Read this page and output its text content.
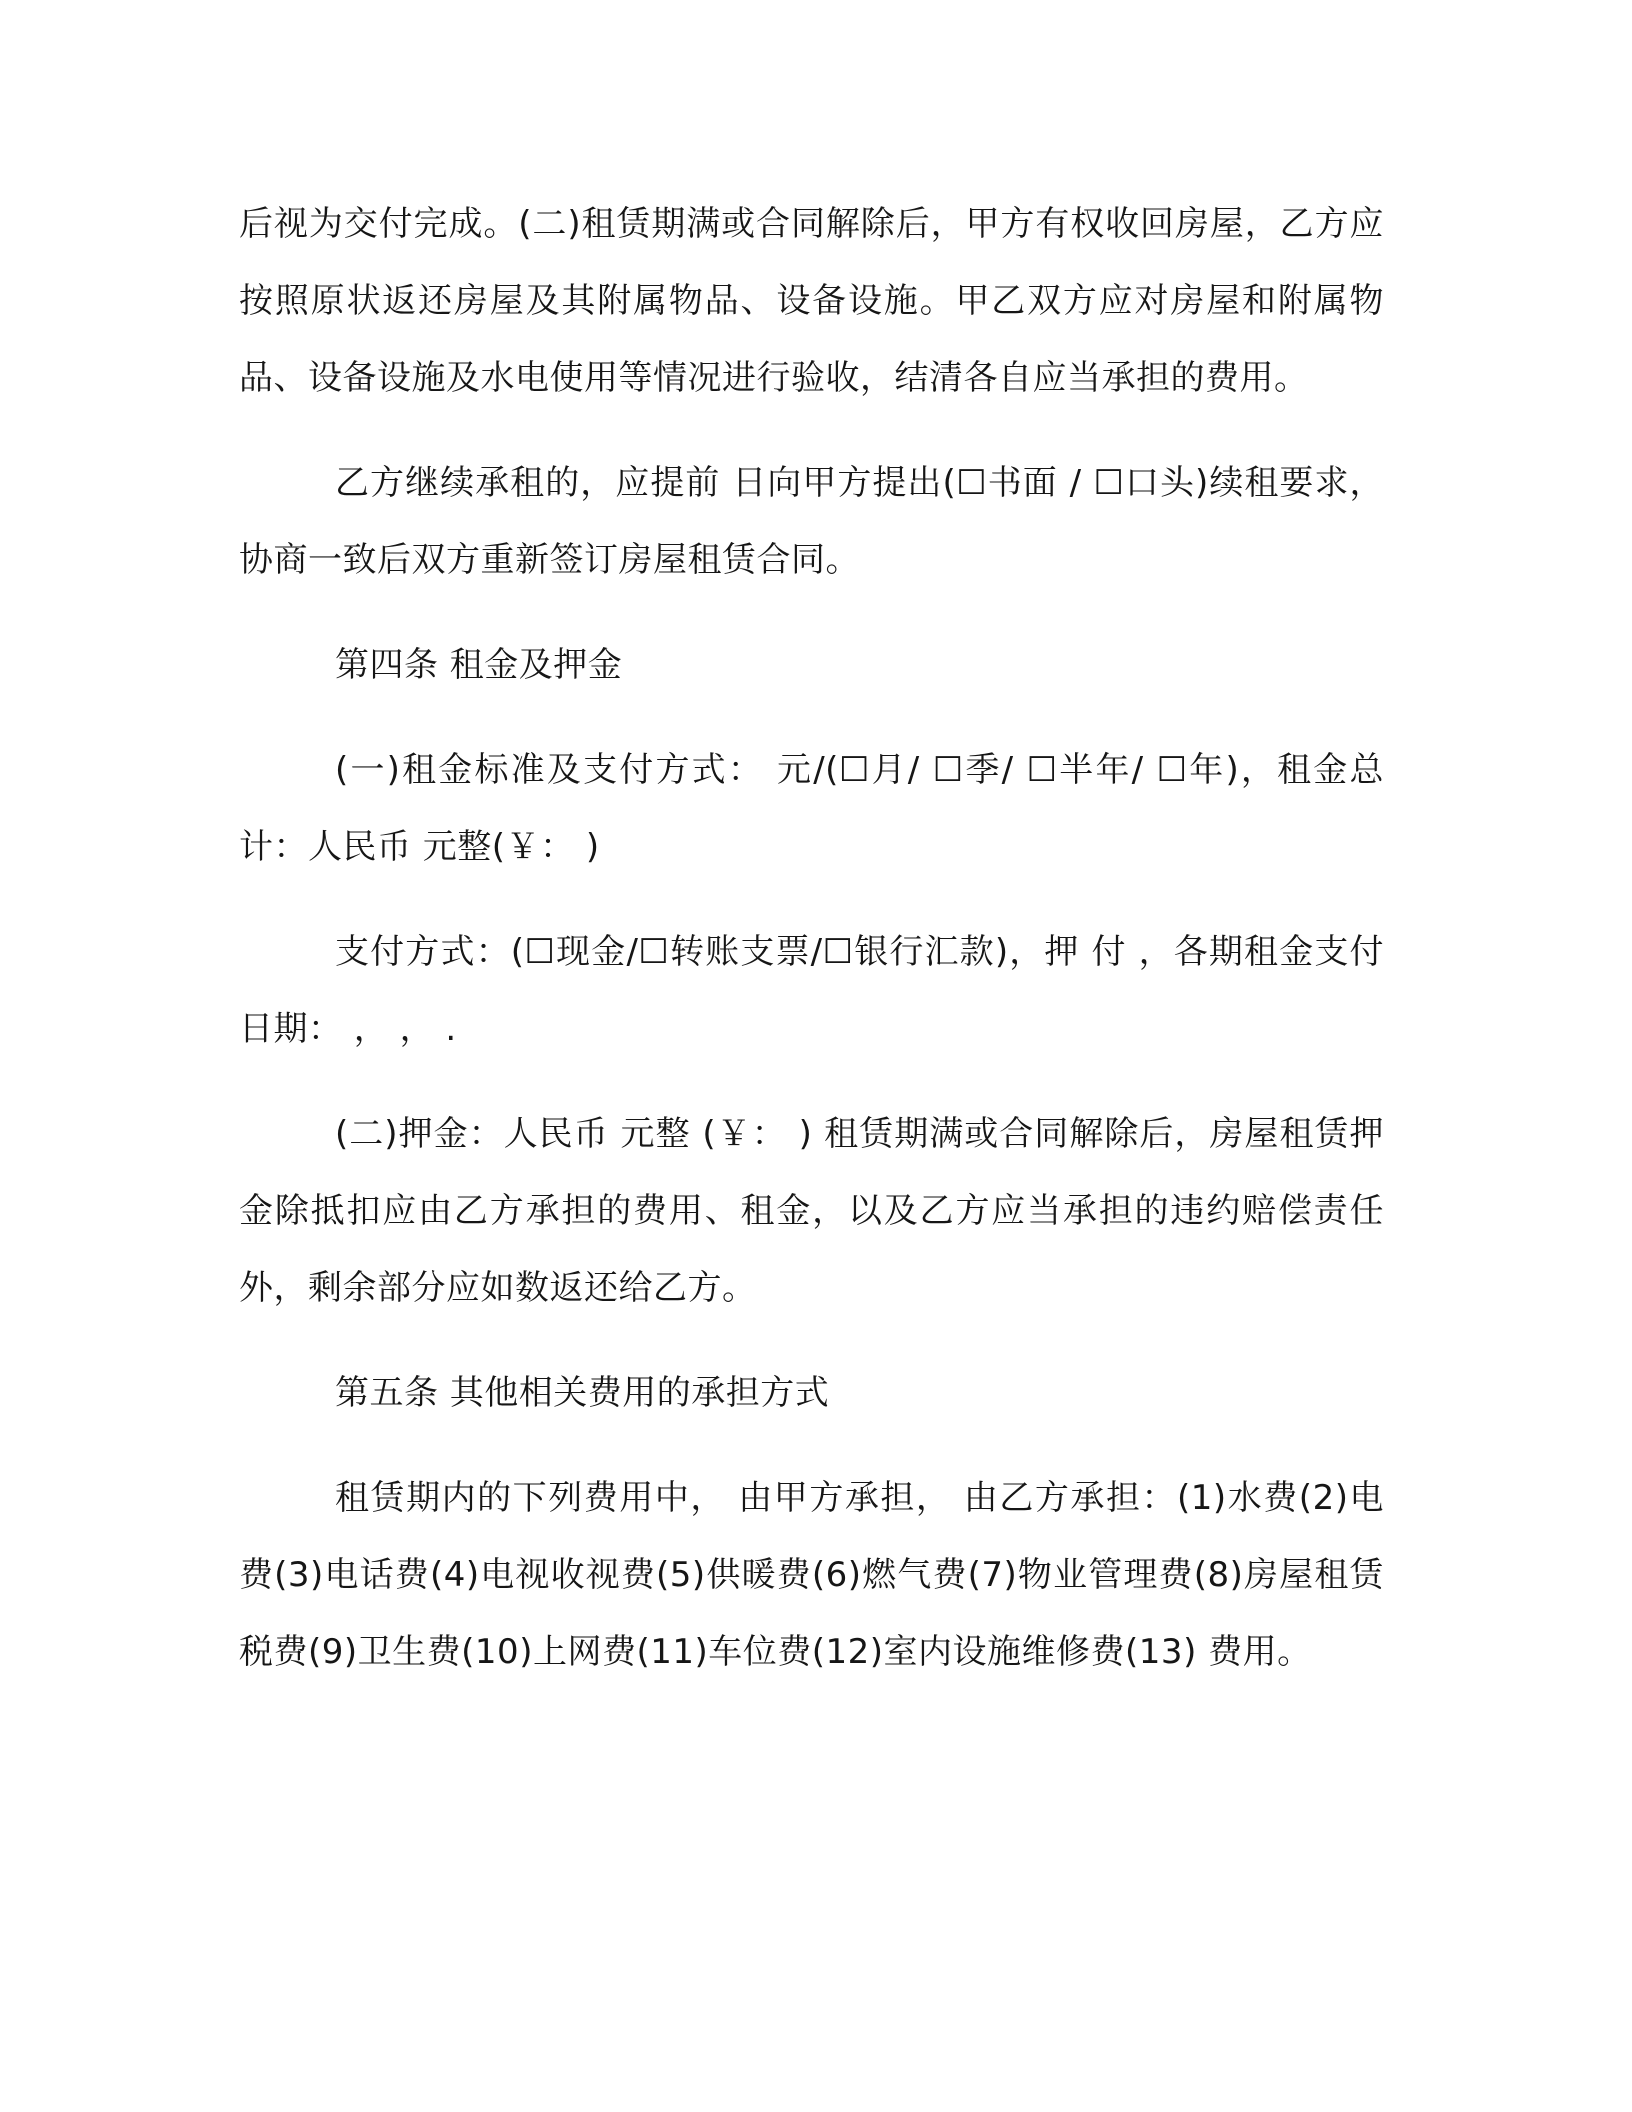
后视为交付完成。(二)租赁期满或合同解除后，甲方有权收回房屋，乙方应按照原状返还房屋及其附属物品、设备设施。甲乙双方应对房屋和附属物品、设备设施及水电使用等情况进行验收，结清各自应当承担的费用。

乙方继续承租的，应提前 日向甲方提出(☐书面 / ☐口头)续租要求，协商一致后双方重新签订房屋租赁合同。

第四条 租金及押金

(一)租金标准及支付方式： 元/(☐月/ ☐季/ ☐半年/ ☐年)，租金总计：人民币 元整(￥： )

支付方式：(☐现金/☐转账支票/☐银行汇款)，押 付 ，各期租金支付日期： ， ， .

(二)押金：人民币 元整 (￥： ) 租赁期满或合同解除后，房屋租赁押金除抵扣应由乙方承担的费用、租金，以及乙方应当承担的违约赔偿责任外，剩余部分应如数返还给乙方。

第五条 其他相关费用的承担方式

租赁期内的下列费用中， 由甲方承担， 由乙方承担：(1)水费(2)电费(3)电话费(4)电视收视费(5)供暖费(6)燃气费(7)物业管理费(8)房屋租赁税费(9)卫生费(10)上网费(11)车位费(12)室内设施维修费(13) 费用。
